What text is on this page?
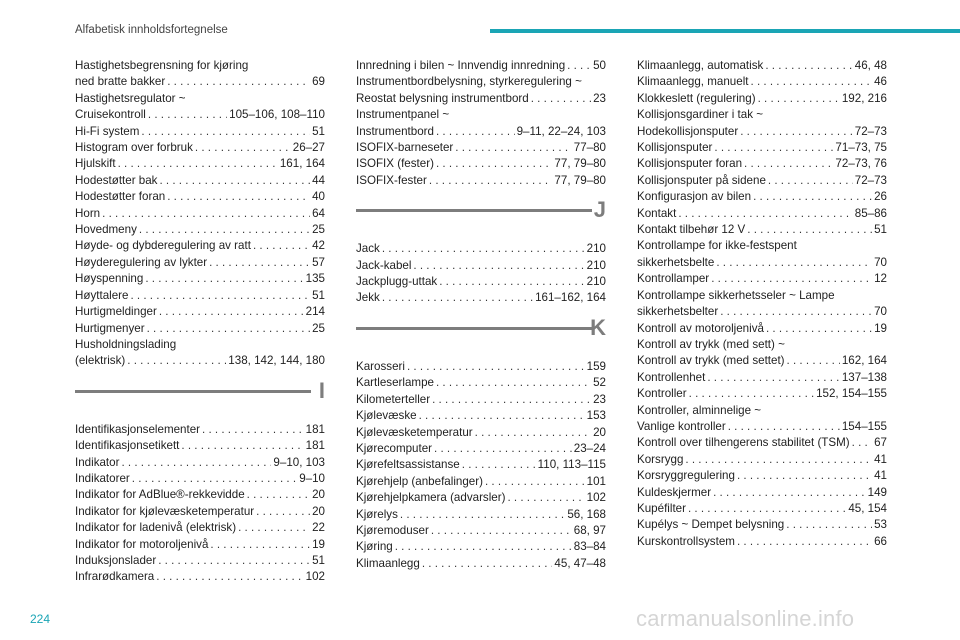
Alfabetisk innholdsfortegnelse
Hastighetsbegrensning for kjøring
ned bratte bakker . . .	69
Hastighetsregulator ~
Cruisekontroll . . .	105–106, 108–110
Hi-Fi system . . .	51
Histogram over forbruk . . .	26–27
Hjulskift . . .	161, 164
Hodestøtter bak . . .	44
Hodestøtter foran . . .	40
Horn . . .	64
Hovedmeny . . .	25
Høyde- og dybderegulering av ratt . . .	42
Høyderegulering av lykter . . .	57
Høyspenning . . .	135
Høyttalere . . .	51
Hurtigmeldinger . . .	214
Hurtigmenyer . . .	25
Husholdningslading
(elektrisk) . . .	138, 142, 144, 180
I
Identifikasjonselementer . . .	181
Identifikasjonsetikett . . .	181
Indikator . . .	9–10, 103
Indikatorer . . .	9–10
Indikator for AdBlue®-rekkevidde . . .	20
Indikator for kjølevæsketemperatur . . .	20
Indikator for ladenivå (elektrisk) . . .	22
Indikator for motoroljenivå . . .	19
Induksjonslader . . .	51
Infrarødkamera . . .	102
Innredning i bilen ~ Innvendig innredning . . . 50
Instrumentbordbelysning, styrkeregulering ~
Reostat belysning instrumentbord . . .	23
Instrumentpanel ~
Instrumentbord . . .	9–11, 22–24, 103
ISOFIX-barneseter . . .	77–80
ISOFIX (fester) . . .	77, 79–80
ISOFIX-fester . . .	77, 79–80
J
Jack . . .	210
Jack-kabel . . .	210
Jackplugg-uttak . . .	210
Jekk . . .	161–162, 164
K
Karosseri . . .	159
Kartleserlampe . . .	52
Kilometerteller . . .	23
Kjølevæske . . .	153
Kjølevæsketemperatur . . .	20
Kjørecomputer . . .	23–24
Kjørefeltsassistanse . . .	110, 113–115
Kjørehjelp (anbefalinger) . . .	101
Kjørehjelpkamera (advarsler) . . .	102
Kjørelys . . .	56, 168
Kjøremoduser . . .	68, 97
Kjøring . . .	83–84
Klimaanlegg . . .	45, 47–48
Klimaanlegg, automatisk . . .	46, 48
Klimaanlegg, manuelt . . .	46
Klokkeslett (regulering) . . .	192, 216
Kollisjonsgardiner i tak ~
Hodekollisjonsputer . . .	72–73
Kollisjonsputer . . .	71–73, 75
Kollisjonsputer foran . . .	72–73, 76
Kollisjonsputer på sidene . . .	72–73
Konfigurasjon av bilen . . .	26
Kontakt . . .	85–86
Kontakt tilbehør 12 V . . .	51
Kontrollampe for ikke-festspent
sikkerhetsbelte . . .	70
Kontrollamper . . .	12
Kontrollampe sikkerhetsseler ~ Lampe
sikkerhetsbelter . . .	70
Kontroll av motoroljenivå . . .	19
Kontroll av trykk (med sett) ~
Kontroll av trykk (med settet) . . .	162, 164
Kontrollenhet . . .	137–138
Kontroller . . .	152, 154–155
Kontroller, alminnelige ~
Vanlige kontroller . . .	154–155
Kontroll over tilhengerens stabilitet (TSM) . . . 67
Korsrygg . . .	41
Korsryggregulering . . .	41
Kuldeskjermer . . .	149
Kupéfilter . . .	45, 154
Kupélys ~ Dempet belysning . . .	53
Kurskontrollsystem . . .	66
224	carmanualsonline.info
